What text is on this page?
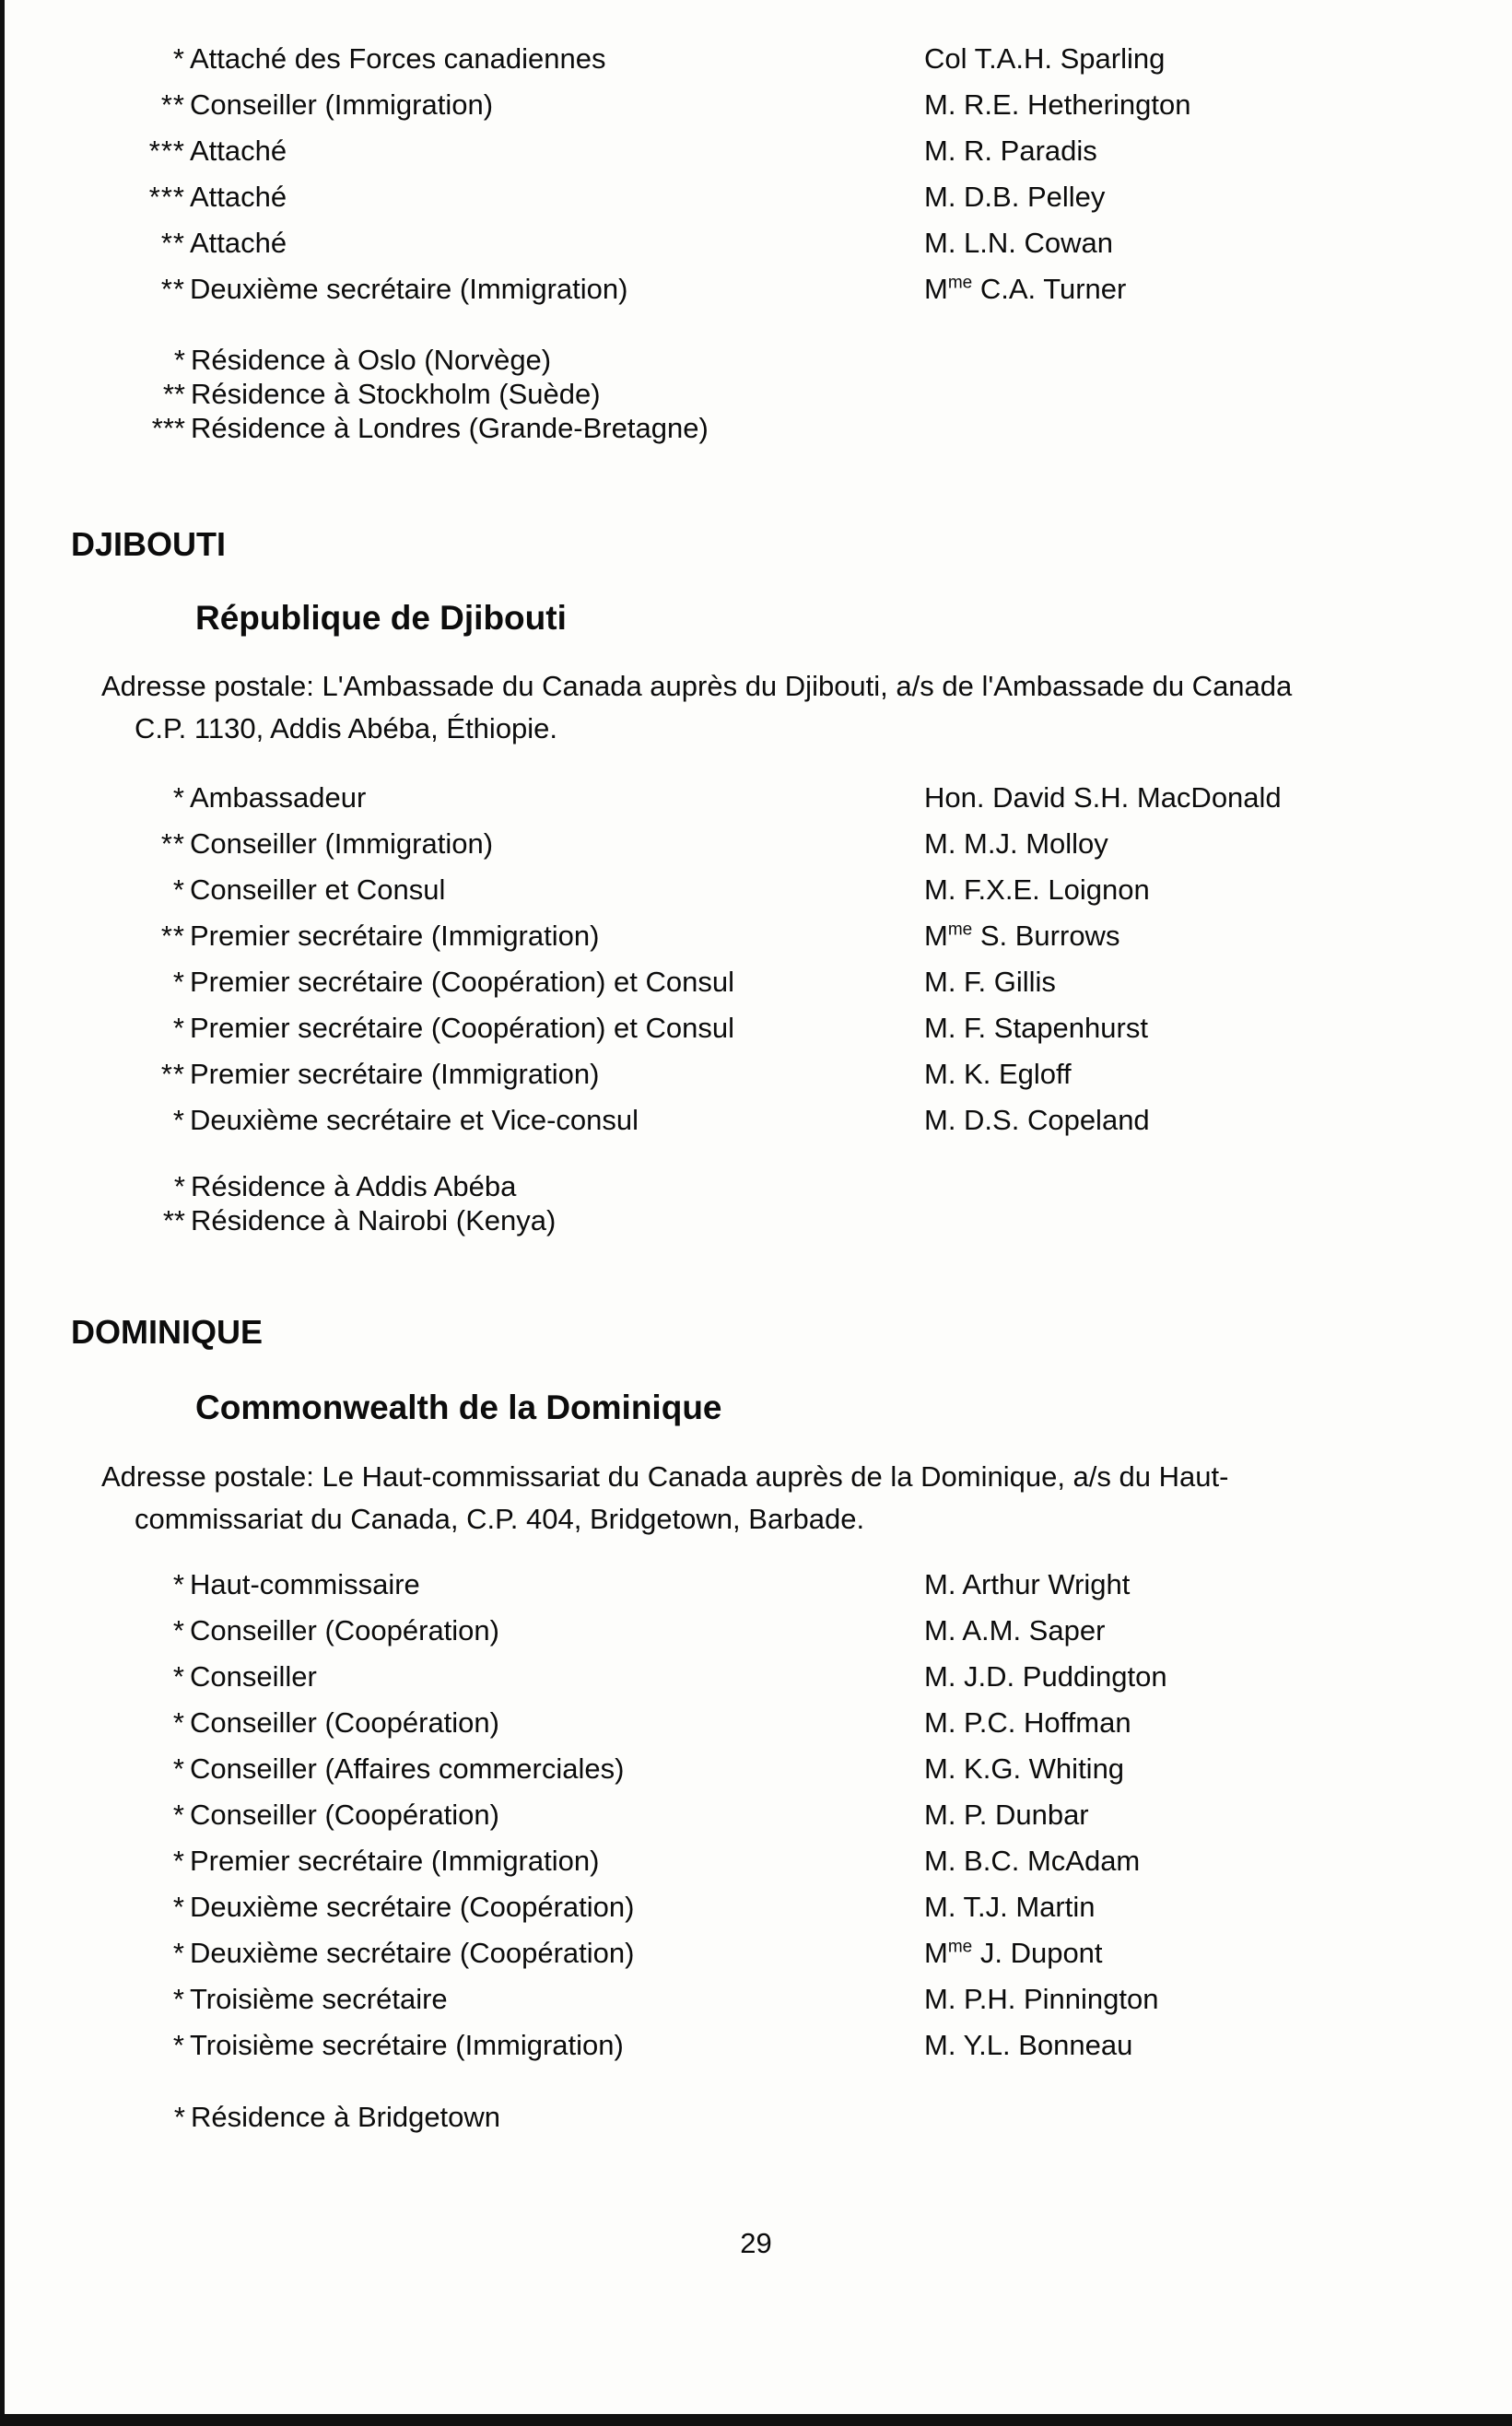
* Attaché des Forces canadiennes	Col T.A.H. Sparling
** Conseiller (Immigration)	M. R.E. Hetherington
*** Attaché	M. R. Paradis
*** Attaché	M. D.B. Pelley
** Attaché	M. L.N. Cowan
** Deuxième secrétaire (Immigration)	$M^{me}$ C.A. Turner
* Résidence à Oslo (Norvège)
** Résidence à Stockholm (Suède)
*** Résidence à Londres (Grande-Bretagne)
DJIBOUTI
République de Djibouti
Adresse postale: L'Ambassade du Canada auprès du Djibouti, a/s de l'Ambassade du Canada
C.P. 1130, Addis Abéba, Éthiopie.
* Ambassadeur	Hon. David S.H. MacDonald
** Conseiller (Immigration)	M. M.J. Molloy
* Conseiller et Consul	M. F.X.E. Loignon
** Premier secrétaire (Immigration)	$M^{me}$ S. Burrows
* Premier secrétaire (Coopération) et Consul	M. F. Gillis
* Premier secrétaire (Coopération) et Consul	M. F. Stapenhurst
** Premier secrétaire (Immigration)	M. K. Egloff
* Deuxième secrétaire et Vice-consul	M. D.S. Copeland
* Résidence à Addis Abéba
** Résidence à Nairobi (Kenya)
DOMINIQUE
Commonwealth de la Dominique
Adresse postale: Le Haut-commissariat du Canada auprès de la Dominique, a/s du Haut-
commissariat du Canada, C.P. 404, Bridgetown, Barbade.
* Haut-commissaire	M. Arthur Wright
* Conseiller (Coopération)	M. A.M. Saper
* Conseiller	M. J.D. Puddington
* Conseiller (Coopération)	M. P.C. Hoffman
* Conseiller (Affaires commerciales)	M. K.G. Whiting
* Conseiller (Coopération)	M. P. Dunbar
* Premier secrétaire (Immigration)	M. B.C. McAdam
* Deuxième secrétaire (Coopération)	M. T.J. Martin
* Deuxième secrétaire (Coopération)	$M^{me}$ J. Dupont
* Troisième secrétaire	M. P.H. Pinnington
* Troisième secrétaire (Immigration)	M. Y.L. Bonneau
* Résidence à Bridgetown
29
